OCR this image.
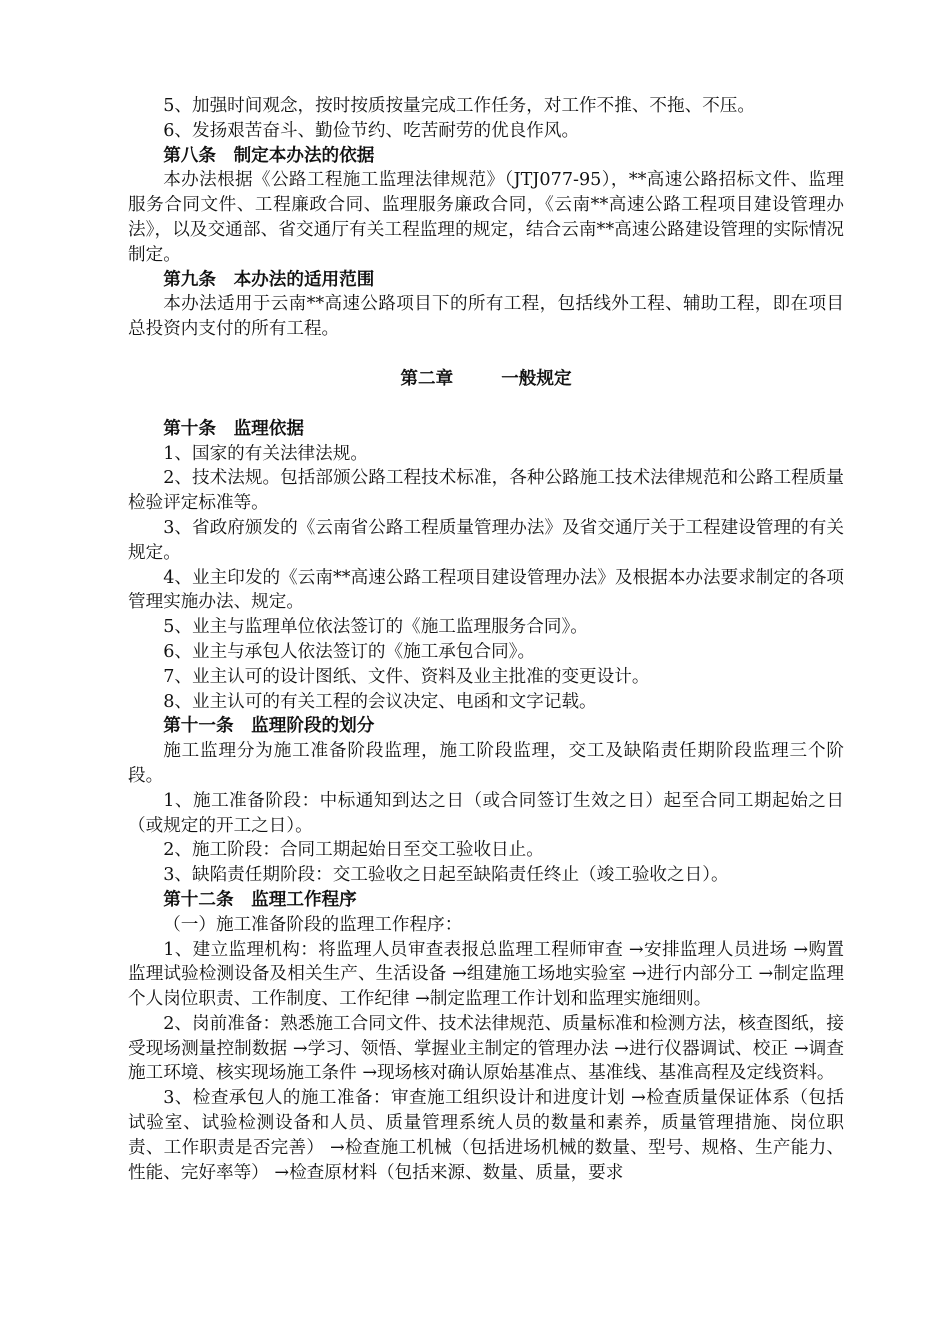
5、加强时间观念，按时按质按量完成工作任务，对工作不推、不拖、不压。

6、发扬艰苦奋斗、勤俭节约、吃苦耐劳的优良作风。

第八条　制定本办法的依据

本办法根据《公路工程施工监理法律规范》（JTJ077-95），**高速公路招标文件、监理服务合同文件、工程廉政合同、监理服务廉政合同，《云南**高速公路工程项目建设管理办法》，以及交通部、省交通厅有关工程监理的规定，结合云南**高速公路建设管理的实际情况制定。

第九条　本办法的适用范围

本办法适用于云南**高速公路项目下的所有工程，包括线外工程、辅助工程，即在项目总投资内支付的所有工程。

第二章	一般规定

第十条　监理依据

1、国家的有关法律法规。

2、技术法规。包括部颁公路工程技术标准，各种公路施工技术法律规范和公路工程质量检验评定标准等。

3、省政府颁发的《云南省公路工程质量管理办法》及省交通厅关于工程建设管理的有关规定。

4、业主印发的《云南**高速公路工程项目建设管理办法》及根据本办法要求制定的各项管理实施办法、规定。

5、业主与监理单位依法签订的《施工监理服务合同》。

6、业主与承包人依法签订的《施工承包合同》。

7、业主认可的设计图纸、文件、资料及业主批准的变更设计。

8、业主认可的有关工程的会议决定、电函和文字记载。

第十一条　监理阶段的划分

施工监理分为施工准备阶段监理，施工阶段监理，交工及缺陷责任期阶段监理三个阶段。

1、施工准备阶段：中标通知到达之日（或合同签订生效之日）起至合同工期起始之日（或规定的开工之日）。

2、施工阶段：合同工期起始日至交工验收日止。

3、缺陷责任期阶段：交工验收之日起至缺陷责任终止（竣工验收之日）。

第十二条　监理工作程序

（一）施工准备阶段的监理工作程序：

1、建立监理机构：将监理人员审查表报总监理工程师审查 →安排监理人员进场 →购置监理试验检测设备及相关生产、生活设备 →组建施工场地实验室 →进行内部分工 →制定监理个人岗位职责、工作制度、工作纪律 →制定监理工作计划和监理实施细则。

2、岗前准备：熟悉施工合同文件、技术法律规范、质量标准和检测方法，核查图纸，接受现场测量控制数据 →学习、领悟、掌握业主制定的管理办法 →进行仪器调试、校正 →调查施工环境、核实现场施工条件 →现场核对确认原始基准点、基准线、基准高程及定线资料。

3、检查承包人的施工准备：审查施工组织设计和进度计划 →检查质量保证体系（包括试验室、试验检测设备和人员、质量管理系统人员的数量和素养，质量管理措施、岗位职责、工作职责是否完善） →检查施工机械（包括进场机械的数量、型号、规格、生产能力、性能、完好率等） →检查原材料（包括来源、数量、质量，要求
